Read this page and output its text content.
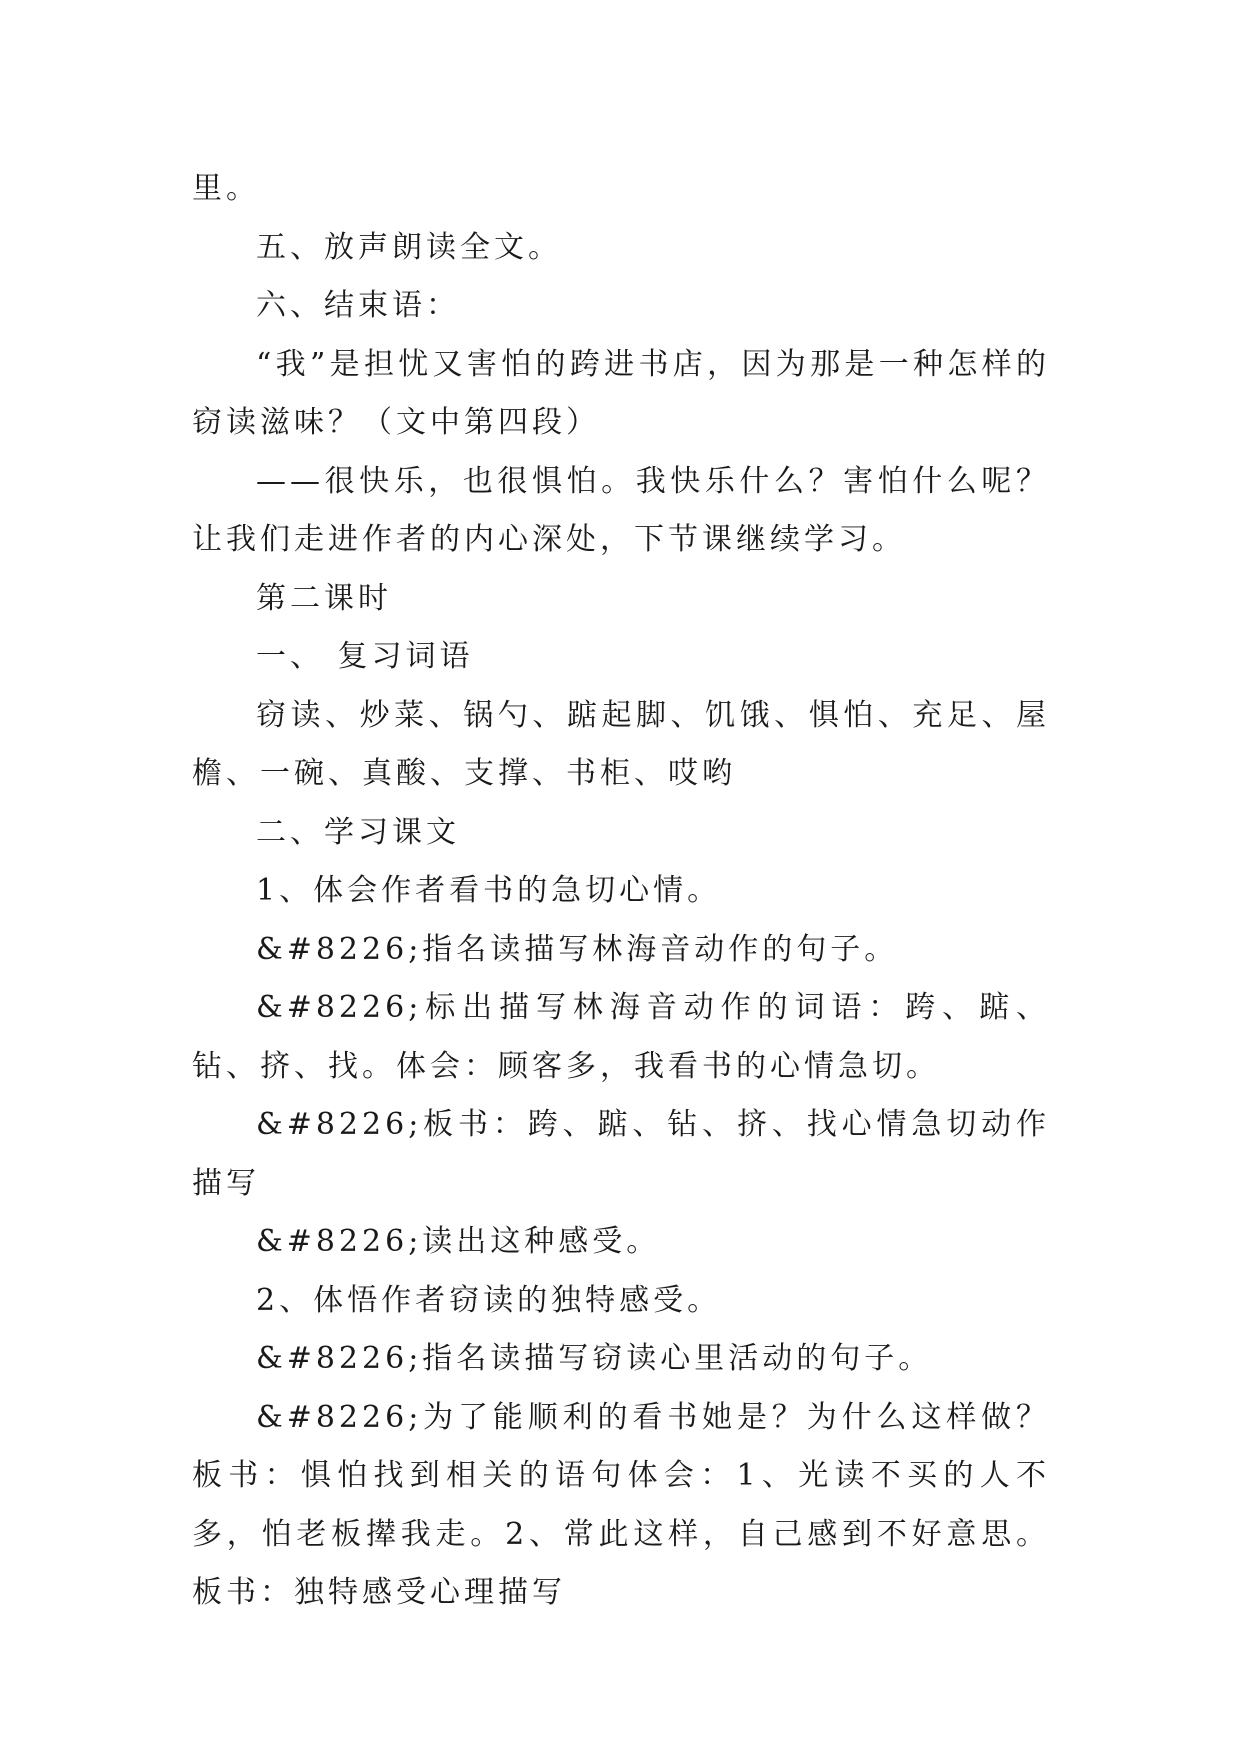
里。

五、放声朗读全文。

六、结束语：

“我”是担忧又害怕的跨进书店，因为那是一种怎样的窃读滋味？（文中第四段）

——很快乐，也很惧怕。我快乐什么？害怕什么呢？让我们走进作者的内心深处，下节课继续学习。

第二课时

一、 复习词语

窃读、炒菜、锅勺、踮起脚、饥饿、惧怕、充足、屋檐、一碗、真酸、支撑、书柜、哎哟

二、学习课文

1、体会作者看书的急切心情。

&#8226;指名读描写林海音动作的句子。

&#8226;标出描写林海音动作的词语：跨、踮、钻、挤、找。体会：顾客多，我看书的心情急切。

&#8226;板书：跨、踮、钻、挤、找心情急切动作描写

&#8226;读出这种感受。

2、体悟作者窃读的独特感受。

&#8226;指名读描写窃读心里活动的句子。

&#8226;为了能顺利的看书她是？为什么这样做？板书：惧怕找到相关的语句体会：1、光读不买的人不多，怕老板撵我走。2、常此这样，自己感到不好意思。板书：独特感受心理描写
